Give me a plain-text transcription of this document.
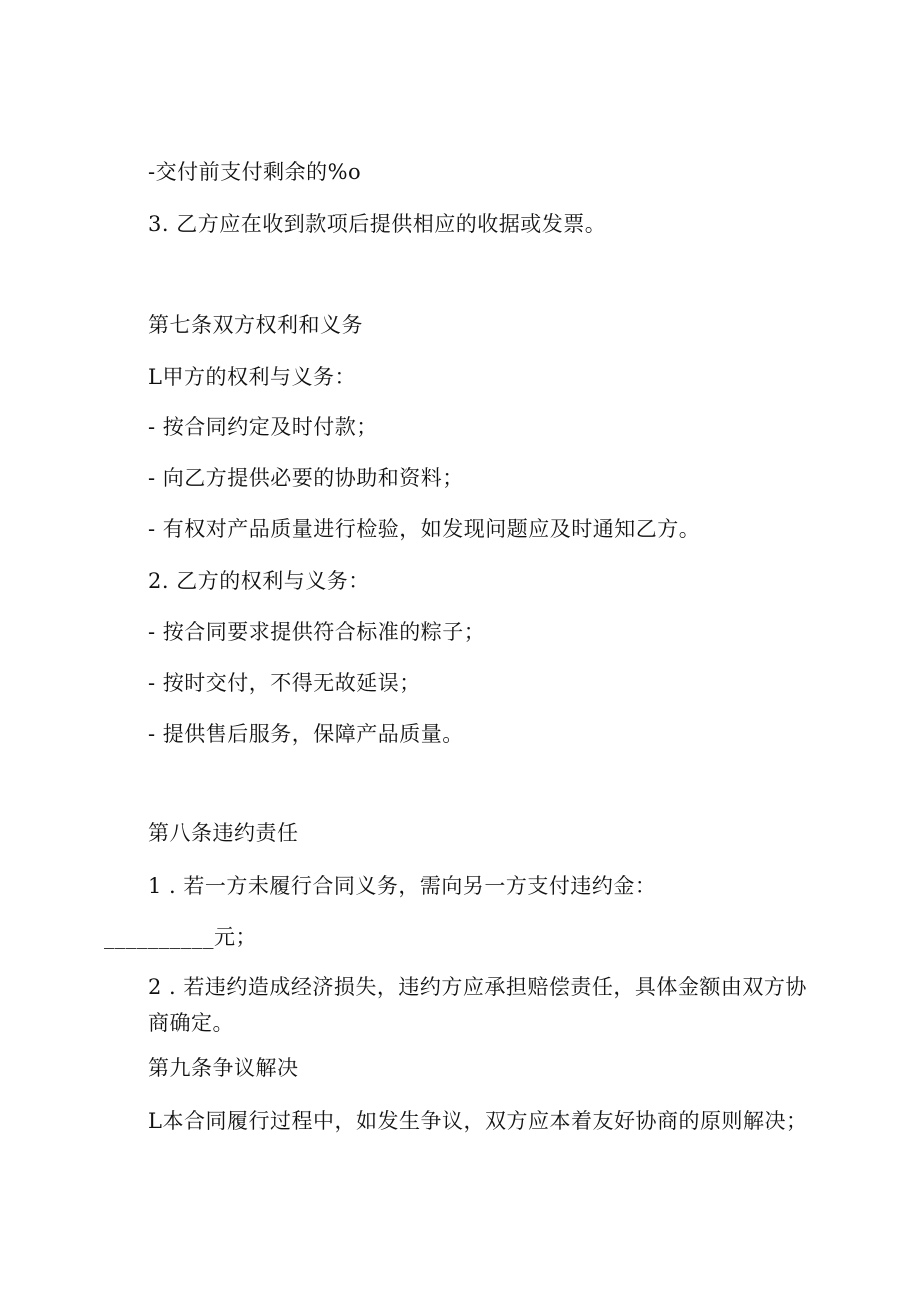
-交付前支付剩余的%o
3. 乙方应在收到款项后提供相应的收据或发票。
第七条双方权利和义务
L甲方的权利与义务：
- 按合同约定及时付款；
- 向乙方提供必要的协助和资料；
- 有权对产品质量进行检验，如发现问题应及时通知乙方。
2. 乙方的权利与义务：
- 按合同要求提供符合标准的粽子；
- 按时交付，不得无故延误；
- 提供售后服务，保障产品质量。
第八条违约责任
1 . 若一方未履行合同义务，需向另一方支付违约金：
__________元；
2 . 若违约造成经济损失，违约方应承担赔偿责任，具体金额由双方协商确定。
第九条争议解决
L本合同履行过程中，如发生争议，双方应本着友好协商的原则解决；
